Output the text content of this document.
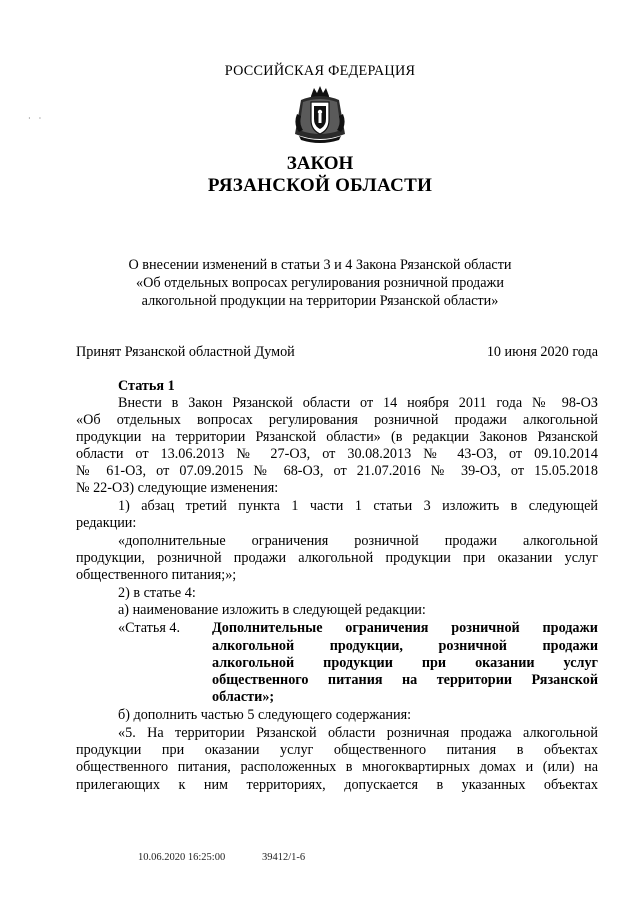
· ·
РОССИЙСКАЯ ФЕДЕРАЦИЯ
ЗАКОН
РЯЗАНСКОЙ ОБЛАСТИ
О внесении изменений в статьи 3 и 4 Закона Рязанской области
«Об отдельных вопросах регулирования розничной продажи
алкогольной продукции на территории Рязанской области»
Принят Рязанской областной Думой	10 июня 2020 года
Статья 1
Внести в Закон Рязанской области от 14 ноября 2011 года № 98-ОЗ
«Об отдельных вопросах регулирования розничной продажи алкогольной
продукции на территории Рязанской области» (в редакции Законов Рязанской
области от 13.06.2013 № 27-ОЗ, от 30.08.2013 № 43-ОЗ, от 09.10.2014
№ 61-ОЗ, от 07.09.2015 № 68-ОЗ, от 21.07.2016 № 39-ОЗ, от 15.05.2018
№ 22-ОЗ) следующие изменения:
1) абзац третий пункта 1 части 1 статьи 3 изложить в следующей
редакции:
«дополнительные ограничения розничной продажи алкогольной
продукции, розничной продажи алкогольной продукции при оказании услуг
общественного питания;»;
2) в статье 4:
а) наименование изложить в следующей редакции:
«Статья 4. Дополнительные ограничения розничной продажи
алкогольной продукции, розничной продажи
алкогольной продукции при оказании услуг
общественного питания на территории Рязанской
области»;
б) дополнить частью 5 следующего содержания:
«5. На территории Рязанской области розничная продажа алкогольной
продукции при оказании услуг общественного питания в объектах
общественного питания, расположенных в многоквартирных домах и (или) на
прилегающих к ним территориях, допускается в указанных объектах
10.06.2020 16:25:00	39412/1-6
